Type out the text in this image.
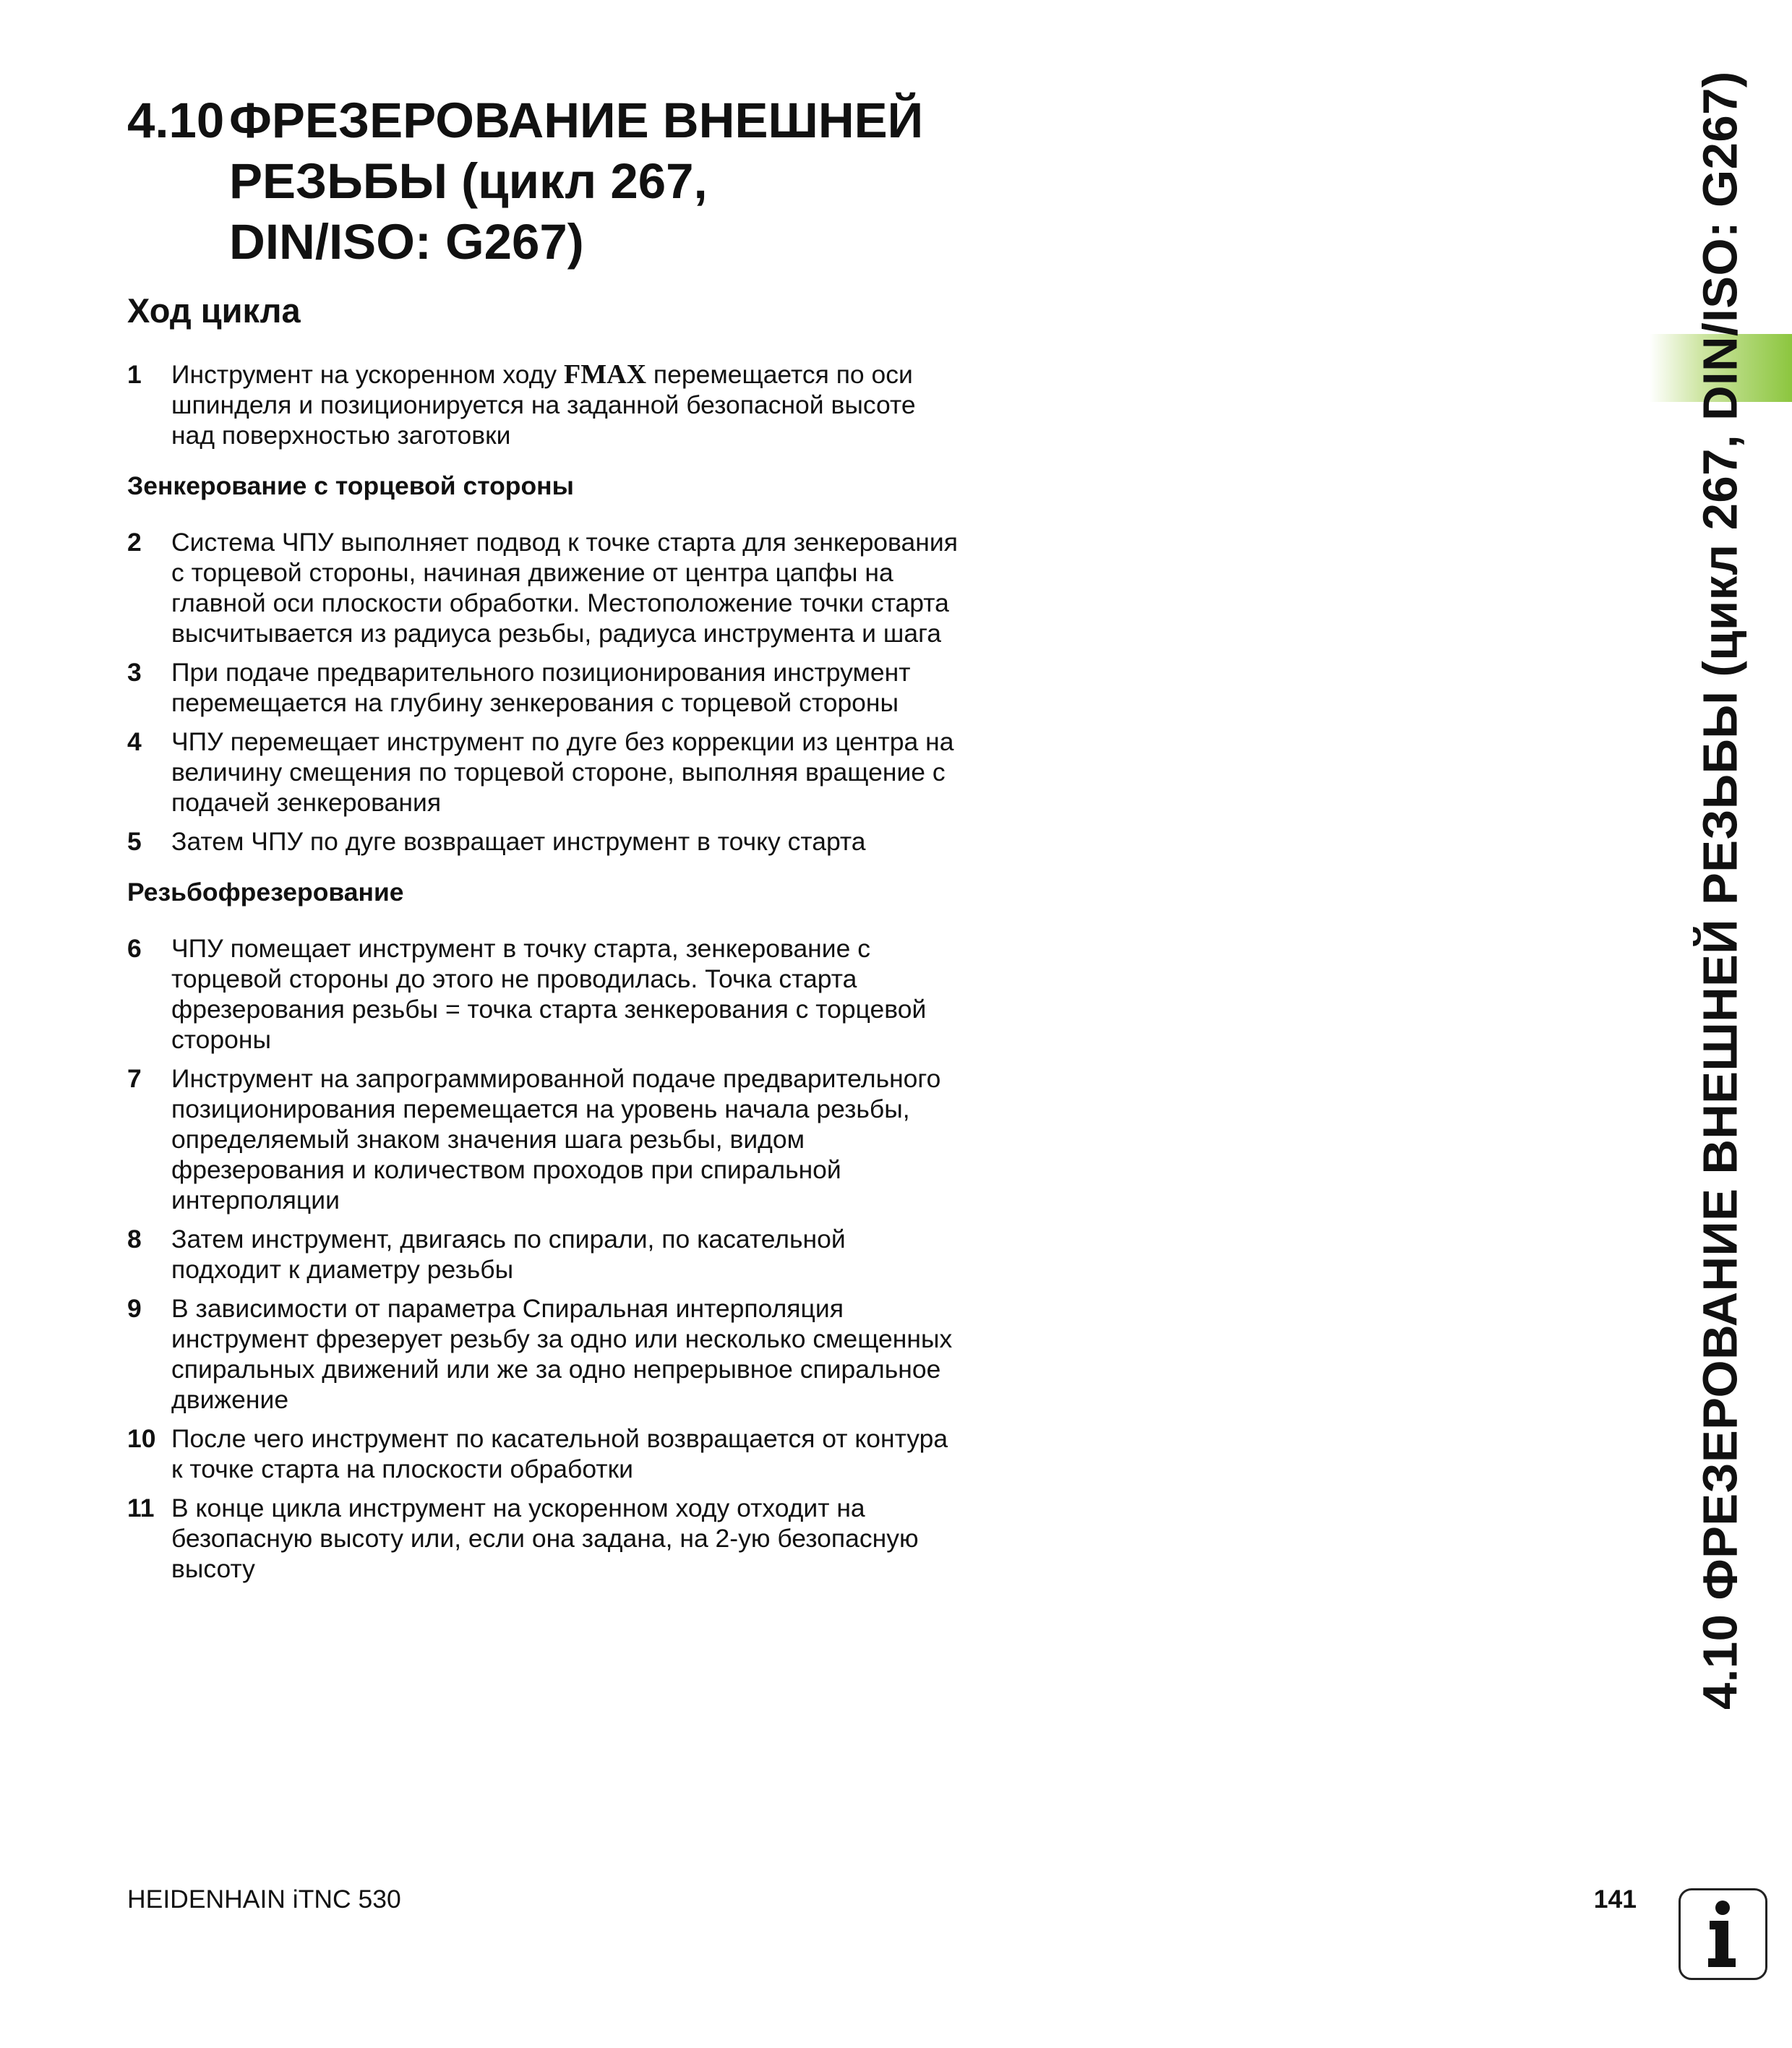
4.10 ФРЕЗЕРОВАНИЕ ВНЕШНЕЙ
РЕЗЬБЫ (цикл 267,
DIN/ISO: G267)
Ход цикла
1 Инструмент на ускоренном ходу FMAX перемещается по оси шпинделя и позиционируется на заданной безопасной высоте над поверхностью заготовки
Зенкерование с торцевой стороны
2 Система ЧПУ выполняет подвод к точке старта для зенкерования с торцевой стороны, начиная движение от центра цапфы на главной оси плоскости обработки. Местоположение точки старта высчитывается из радиуса резьбы, радиуса инструмента и шага
3 При подаче предварительного позиционирования инструмент перемещается на глубину зенкерования с торцевой стороны
4 ЧПУ перемещает инструмент по дуге без коррекции из центра на величину смещения по торцевой стороне, выполняя вращение с подачей зенкерования
5 Затем ЧПУ по дуге возвращает инструмент в точку старта
Резьбофрезерование
6 ЧПУ помещает инструмент в точку старта, зенкерование с торцевой стороны до этого не проводилась. Точка старта фрезерования резьбы = точка старта зенкерования с торцевой стороны
7 Инструмент на запрограммированной подаче предварительного позиционирования перемещается на уровень начала резьбы, определяемый знаком значения шага резьбы, видом фрезерования и количеством проходов при спиральной интерполяции
8 Затем инструмент, двигаясь по спирали, по касательной подходит к диаметру резьбы
9 В зависимости от параметра Спиральная интерполяция инструмент фрезерует резьбу за одно или несколько смещенных спиральных движений или же за одно непрерывное спиральное движение
10 После чего инструмент по касательной возвращается от контура к точке старта на плоскости обработки
11 В конце цикла инструмент на ускоренном ходу отходит на безопасную высоту или, если она задана, на 2-ую безопасную высоту	4.10 ФРЕЗЕРОВАНИЕ ВНЕШНЕЙ РЕЗЬБЫ (цикл 267, DIN/ISO: G267)
HEIDENHAIN iTNC 530	141
